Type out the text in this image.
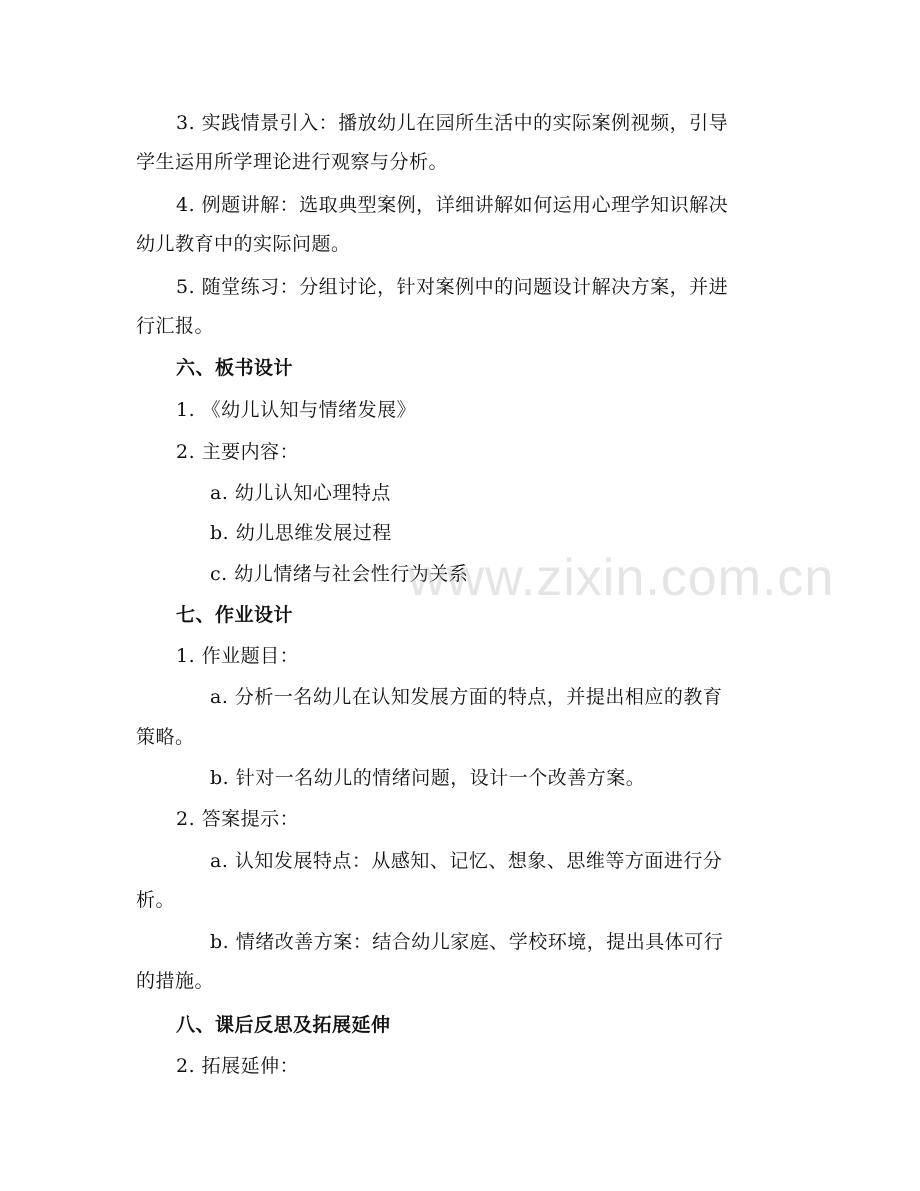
3. 实践情景引入：播放幼儿在园所生活中的实际案例视频，引导
学生运用所学理论进行观察与分析。
4. 例题讲解：选取典型案例，详细讲解如何运用心理学知识解决
幼儿教育中的实际问题。
5. 随堂练习：分组讨论，针对案例中的问题设计解决方案，并进
行汇报。
六、板书设计
1. 《幼儿认知与情绪发展》
2. 主要内容：
a. 幼儿认知心理特点
b. 幼儿思维发展过程
c. 幼儿情绪与社会性行为关系
七、作业设计
1. 作业题目：
a. 分析一名幼儿在认知发展方面的特点，并提出相应的教育
策略。
b. 针对一名幼儿的情绪问题，设计一个改善方案。
2. 答案提示：
a. 认知发展特点：从感知、记忆、想象、思维等方面进行分
析。
b. 情绪改善方案：结合幼儿家庭、学校环境，提出具体可行
的措施。
八、课后反思及拓展延伸
2. 拓展延伸：
www.zixin.com.cn
